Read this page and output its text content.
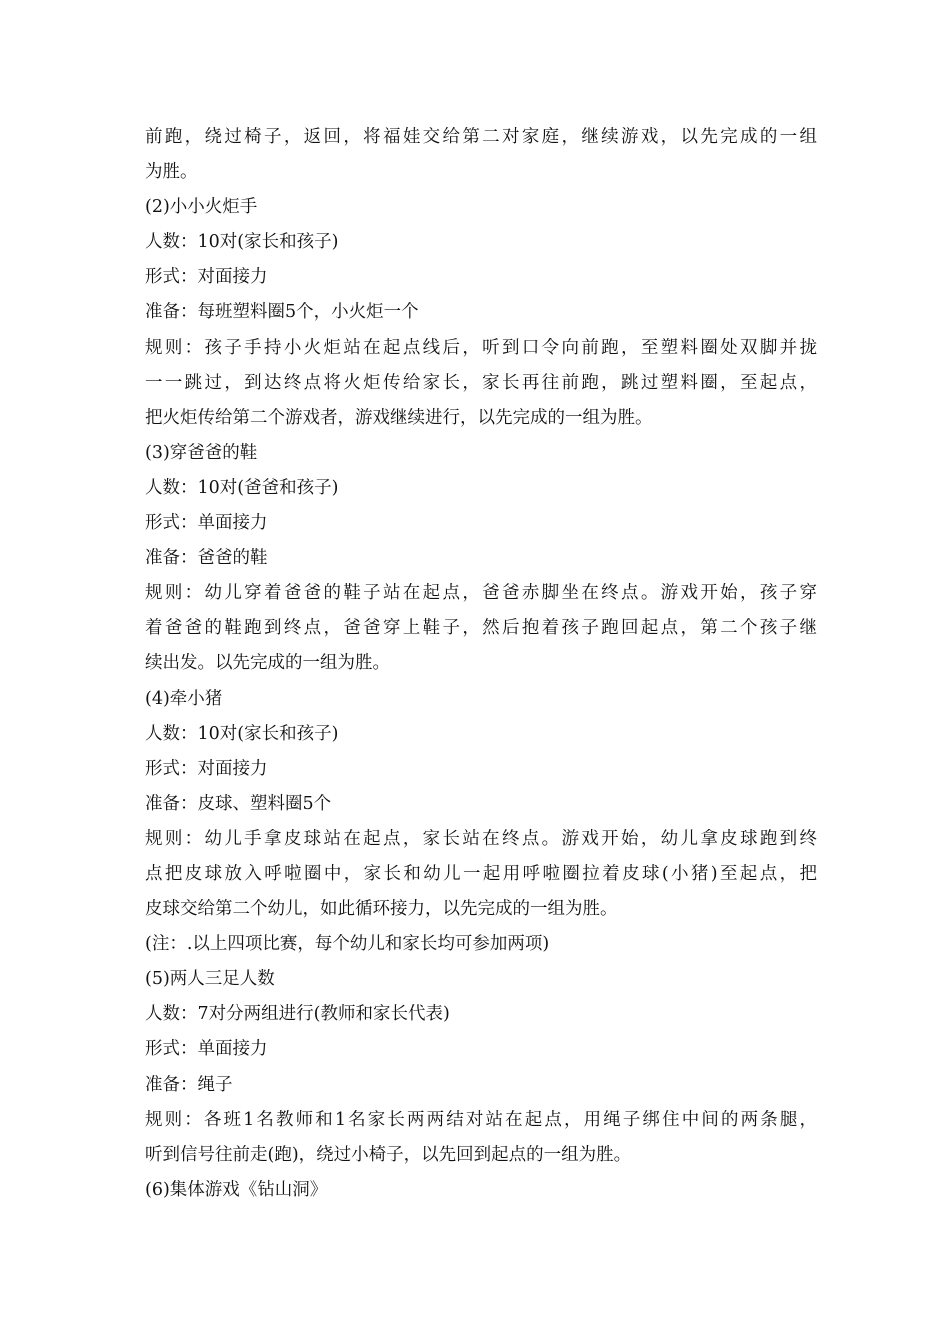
前跑，绕过椅子，返回，将福娃交给第二对家庭，继续游戏，以先完成的一组
为胜。
(2)小小火炬手
人数：10对(家长和孩子)
形式：对面接力
准备：每班塑料圈5个，小火炬一个
规则：孩子手持小火炬站在起点线后，听到口令向前跑，至塑料圈处双脚并拢
一一跳过，到达终点将火炬传给家长，家长再往前跑，跳过塑料圈，至起点，
把火炬传给第二个游戏者，游戏继续进行，以先完成的一组为胜。
(3)穿爸爸的鞋
人数：10对(爸爸和孩子)
形式：单面接力
准备：爸爸的鞋
规则：幼儿穿着爸爸的鞋子站在起点，爸爸赤脚坐在终点。游戏开始，孩子穿
着爸爸的鞋跑到终点，爸爸穿上鞋子，然后抱着孩子跑回起点，第二个孩子继
续出发。以先完成的一组为胜。
(4)牵小猪
人数：10对(家长和孩子)
形式：对面接力
准备：皮球、塑料圈5个
规则：幼儿手拿皮球站在起点，家长站在终点。游戏开始，幼儿拿皮球跑到终
点把皮球放入呼啦圈中，家长和幼儿一起用呼啦圈拉着皮球(小猪)至起点，把
皮球交给第二个幼儿，如此循环接力，以先完成的一组为胜。
(注：.以上四项比赛，每个幼儿和家长均可参加两项)
(5)两人三足人数
人数：7对分两组进行(教师和家长代表)
形式：单面接力
准备：绳子
规则：各班1名教师和1名家长两两结对站在起点，用绳子绑住中间的两条腿，
听到信号往前走(跑)，绕过小椅子，以先回到起点的一组为胜。
(6)集体游戏《钻山洞》
